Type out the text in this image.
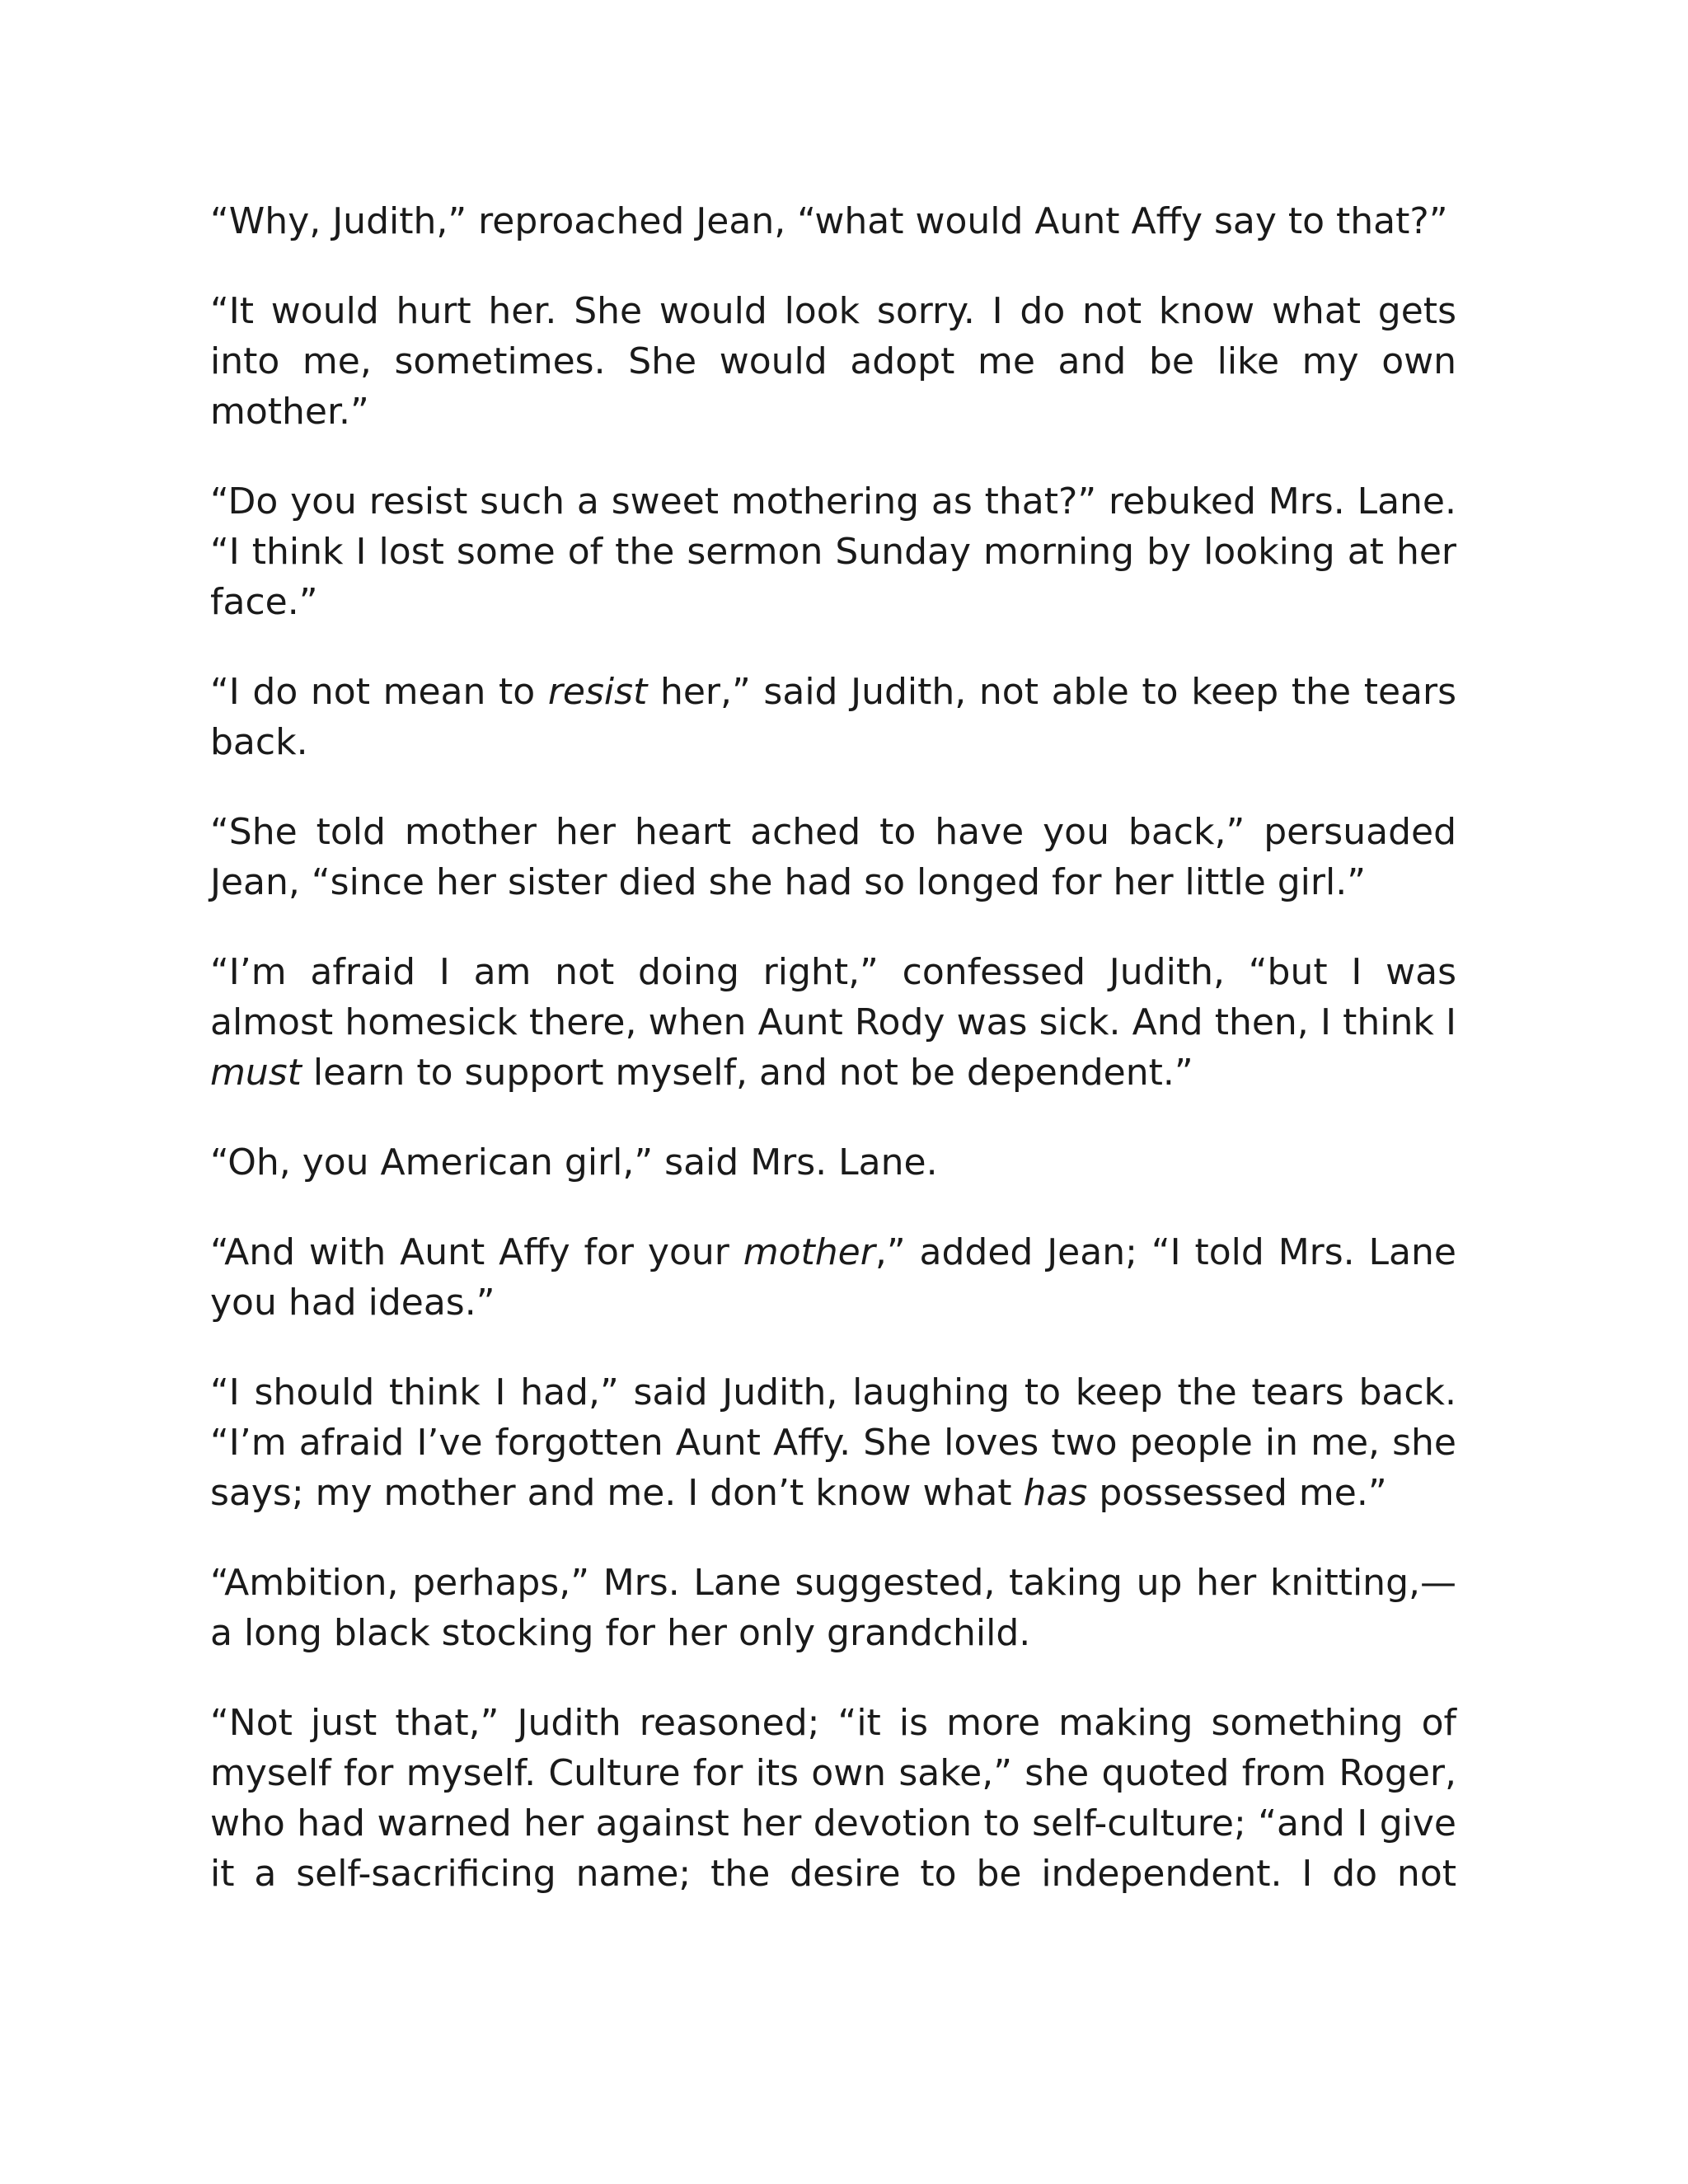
“Why, Judith,” reproached Jean, “what would Aunt Affy say to that?”

“It would hurt her. She would look sorry. I do not know what gets into me, sometimes. She would adopt me and be like my own mother.”

“Do you resist such a sweet mothering as that?” rebuked Mrs. Lane. “I think I lost some of the sermon Sunday morning by looking at her face.”

“I do not mean to resist her,” said Judith, not able to keep the tears back.

“She told mother her heart ached to have you back,” persuaded Jean, “since her sister died she had so longed for her little girl.”

“I’m afraid I am not doing right,” confessed Judith, “but I was almost homesick there, when Aunt Rody was sick. And then, I think I must learn to support myself, and not be dependent.”

“Oh, you American girl,” said Mrs. Lane.

“And with Aunt Affy for your mother,” added Jean; “I told Mrs. Lane you had ideas.”

“I should think I had,” said Judith, laughing to keep the tears back. “I’m afraid I’ve forgotten Aunt Affy. She loves two people in me, she says; my mother and me. I don’t know what has possessed me.”

“Ambition, perhaps,” Mrs. Lane suggested, taking up her knitting,—a long black stocking for her only grandchild.

“Not just that,” Judith reasoned; “it is more making something of myself for myself. Culture for its own sake,” she quoted from Roger, who had warned her against her devotion to self-culture; “and I give it a self-sacrificing name; the desire to be independent. I do not
